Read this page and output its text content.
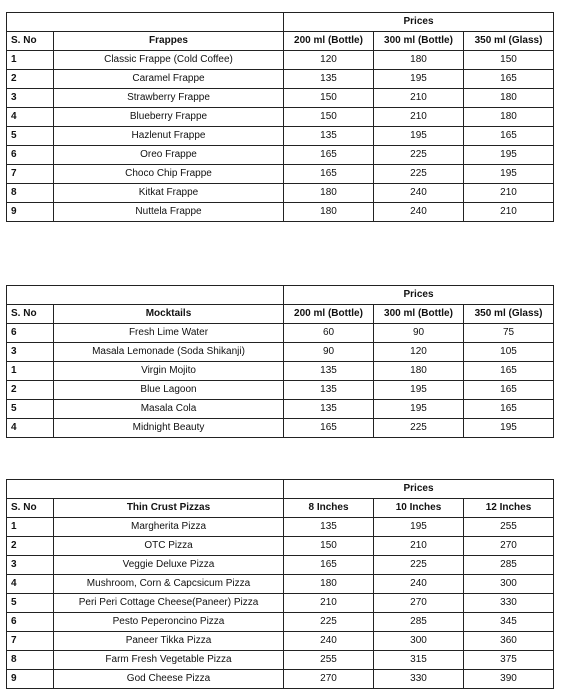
		Prices		
S. No	Frappes	200 ml (Bottle)	300 ml (Bottle)	350 ml (Glass)
1	Classic Frappe (Cold Coffee)	120	180	150
2	Caramel Frappe	135	195	165
3	Strawberry Frappe	150	210	180
4	Blueberry Frappe	150	210	180
5	Hazlenut Frappe	135	195	165
6	Oreo Frappe	165	225	195
7	Choco Chip Frappe	165	225	195
8	Kitkat Frappe	180	240	210
9	Nuttela Frappe	180	240	210
		Prices		
S. No	Mocktails	200 ml (Bottle)	300 ml (Bottle)	350 ml (Glass)
6	Fresh Lime Water	60	90	75
3	Masala Lemonade (Soda Shikanji)	90	120	105
1	Virgin Mojito	135	180	165
2	Blue Lagoon	135	195	165
5	Masala Cola	135	195	165
4	Midnight Beauty	165	225	195
		Prices		
S. No	Thin Crust Pizzas	8 Inches	10 Inches	12 Inches
1	Margherita Pizza	135	195	255
2	OTC Pizza	150	210	270
3	Veggie Deluxe Pizza	165	225	285
4	Mushroom, Corn & Capcsicum Pizza	180	240	300
5	Peri Peri Cottage Cheese(Paneer) Pizza	210	270	330
6	Pesto Peperoncino Pizza	225	285	345
7	Paneer Tikka Pizza	240	300	360
8	Farm Fresh Vegetable Pizza	255	315	375
9	God Cheese Pizza	270	330	390
